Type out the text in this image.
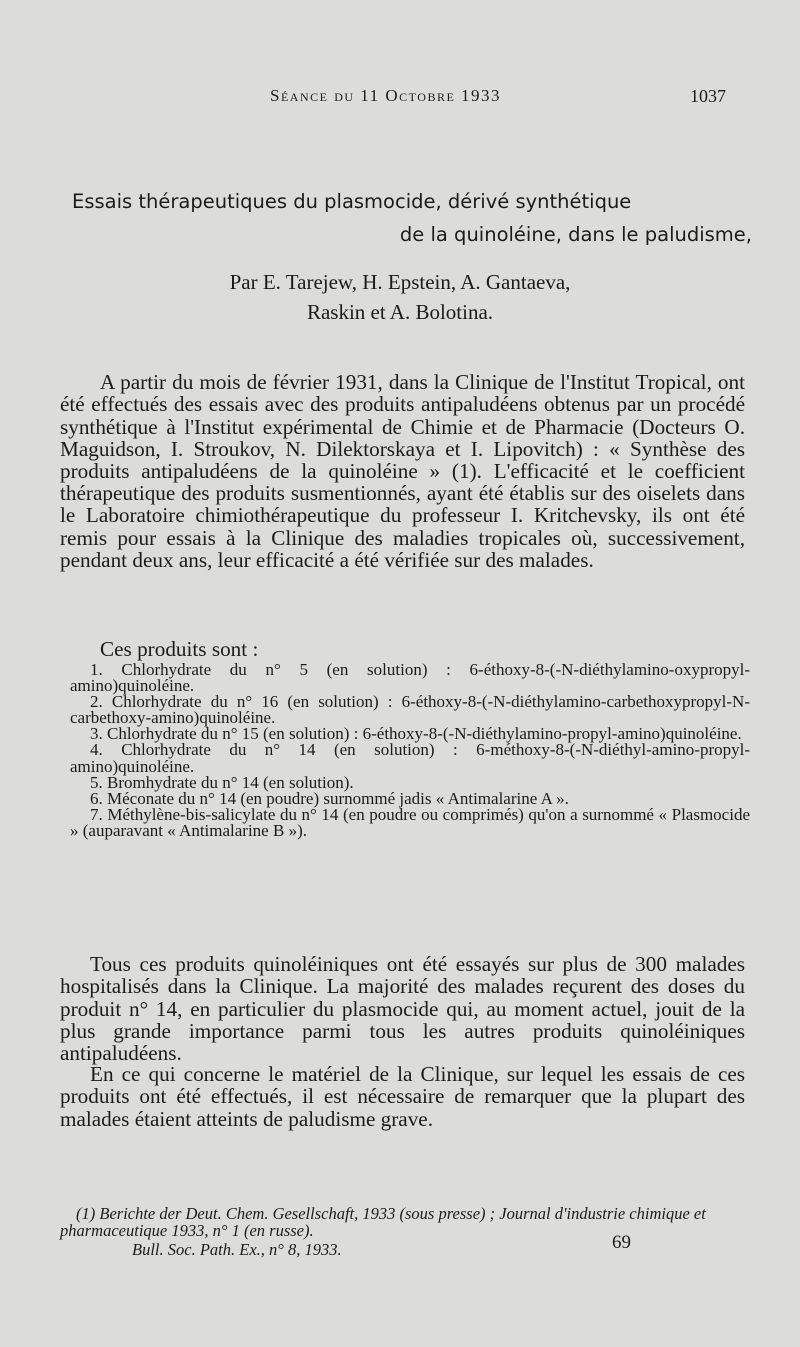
Séance du 11 Octobre 1933	1037
Essais thérapeutiques du plasmocide, dérivé synthétique
de la quinoléine, dans le paludisme,
Par E. Tarejew, H. Epstein, A. Gantaeva,
Raskin et A. Bolotina.

A partir du mois de février 1931, dans la Clinique de l'Institut Tropical, ont été effectués des essais avec des produits antipaludéens obtenus par un procédé synthétique à l'Institut expérimental de Chimie et de Pharmacie (Docteurs O. Maguidson, I. Stroukov, N. Dilektorskaya et I. Lipovitch) : « Synthèse des produits antipaludéens de la quinoléine » (1). L'efficacité et le coefficient thérapeutique des produits susmentionnés, ayant été établis sur des oiselets dans le Laboratoire chimiothérapeutique du professeur I. Kritchevsky, ils ont été remis pour essais à la Clinique des maladies tropicales où, successivement, pendant deux ans, leur efficacité a été vérifiée sur des malades.

Ces produits sont :

1. Chlorhydrate du n° 5 (en solution) : 6-éthoxy-8-(-N-diéthylamino-oxypropyl-amino)quinoléine.

2. Chlorhydrate du n° 16 (en solution) : 6-éthoxy-8-(-N-diéthylamino-carbethoxypropyl-N-carbethoxy-amino)quinoléine.

3. Chlorhydrate du n° 15 (en solution) : 6-éthoxy-8-(-N-diéthylamino-propyl-amino)quinoléine.

4. Chlorhydrate du n° 14 (en solution) : 6-méthoxy-8-(-N-diéthyl-amino-propyl-amino)quinoléine.

5. Bromhydrate du n° 14 (en solution).

6. Méconate du n° 14 (en poudre) surnommé jadis « Antimalarine A ».

7. Méthylène-bis-salicylate du n° 14 (en poudre ou comprimés) qu'on a surnommé « Plasmocide » (auparavant « Antimalarine B »).

Tous ces produits quinoléiniques ont été essayés sur plus de 300 malades hospitalisés dans la Clinique. La majorité des malades reçurent des doses du produit n° 14, en particulier du plasmocide qui, au moment actuel, jouit de la plus grande importance parmi tous les autres produits quinoléiniques antipaludéens.

En ce qui concerne le matériel de la Clinique, sur lequel les essais de ces produits ont été effectués, il est nécessaire de remarquer que la plupart des malades étaient atteints de paludisme grave.

(1) Berichte der Deut. Chem. Gesellschaft, 1933 (sous presse) ; Journal d'industrie chimique et pharmaceutique 1933, n° 1 (en russe).

Bull. Soc. Path. Ex., n° 8, 1933.	69
